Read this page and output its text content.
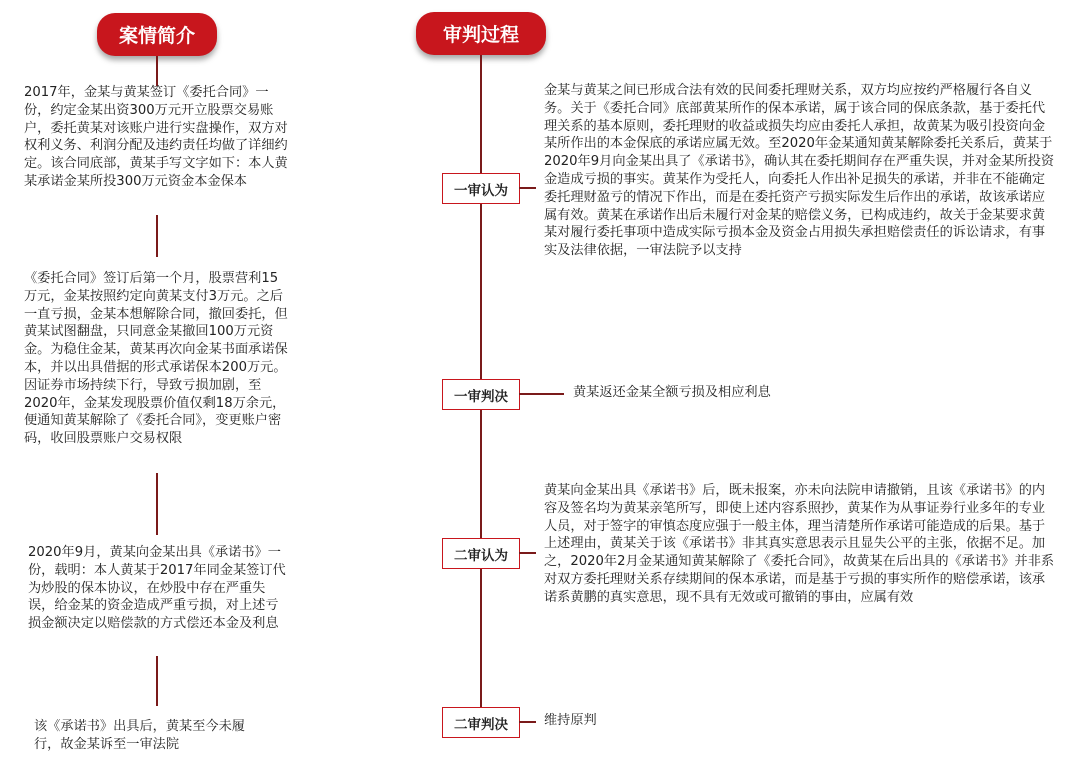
案情简介
2017年，金某与黄某签订《委托合同》一份，约定金某出资300万元开立股票交易账户，委托黄某对该账户进行实盘操作，双方对权利义务、利润分配及违约责任均做了详细约定。该合同底部，黄某手写文字如下：本人黄某承诺金某所投300万元资金本金保本
《委托合同》签订后第一个月，股票营利15万元，金某按照约定向黄某支付3万元。之后一直亏损，金某本想解除合同，撤回委托，但黄某试图翻盘，只同意金某撤回100万元资金。为稳住金某，黄某再次向金某书面承诺保本，并以出具借据的形式承诺保本200万元。因证券市场持续下行，导致亏损加剧，至2020年，金某发现股票价值仅剩18万余元，便通知黄某解除了《委托合同》，变更账户密码，收回股票账户交易权限
2020年9月，黄某向金某出具《承诺书》一份，载明：本人黄某于2017年同金某签订代为炒股的保本协议，在炒股中存在严重失误，给金某的资金造成严重亏损，对上述亏损金额决定以赔偿款的方式偿还本金及利息
该《承诺书》出具后，黄某至今未履行，故金某诉至一审法院
审判过程
一审认为
金某与黄某之间已形成合法有效的民间委托理财关系，双方均应按约严格履行各自义务。关于《委托合同》底部黄某所作的保本承诺，属于该合同的保底条款，基于委托代理关系的基本原则，委托理财的收益或损失均应由委托人承担，故黄某为吸引投资向金某所作出的本金保底的承诺应属无效。至2020年金某通知黄某解除委托关系后，黄某于2020年9月向金某出具了《承诺书》，确认其在委托期间存在严重失误，并对金某所投资金造成亏损的事实。黄某作为受托人，向委托人作出补足损失的承诺，并非在不能确定委托理财盈亏的情况下作出，而是在委托资产亏损实际发生后作出的承诺，故该承诺应属有效。黄某在承诺作出后未履行对金某的赔偿义务，已构成违约，故关于金某要求黄某对履行委托事项中造成实际亏损本金及资金占用损失承担赔偿责任的诉讼请求，有事实及法律依据，一审法院予以支持
一审判决	黄某返还金某全额亏损及相应利息
二审认为
黄某向金某出具《承诺书》后，既未报案，亦未向法院申请撤销，且该《承诺书》的内容及签名均为黄某亲笔所写，即使上述内容系照抄，黄某作为从事证券行业多年的专业人员，对于签字的审慎态度应强于一般主体，理当清楚所作承诺可能造成的后果。基于上述理由，黄某关于该《承诺书》非其真实意思表示且显失公平的主张，依据不足。加之，2020年2月金某通知黄某解除了《委托合同》，故黄某在后出具的《承诺书》并非系对双方委托理财关系存续期间的保本承诺，而是基于亏损的事实所作的赔偿承诺，该承诺系黄鹏的真实意思，现不具有无效或可撤销的事由，应属有效
二审判决	维持原判
